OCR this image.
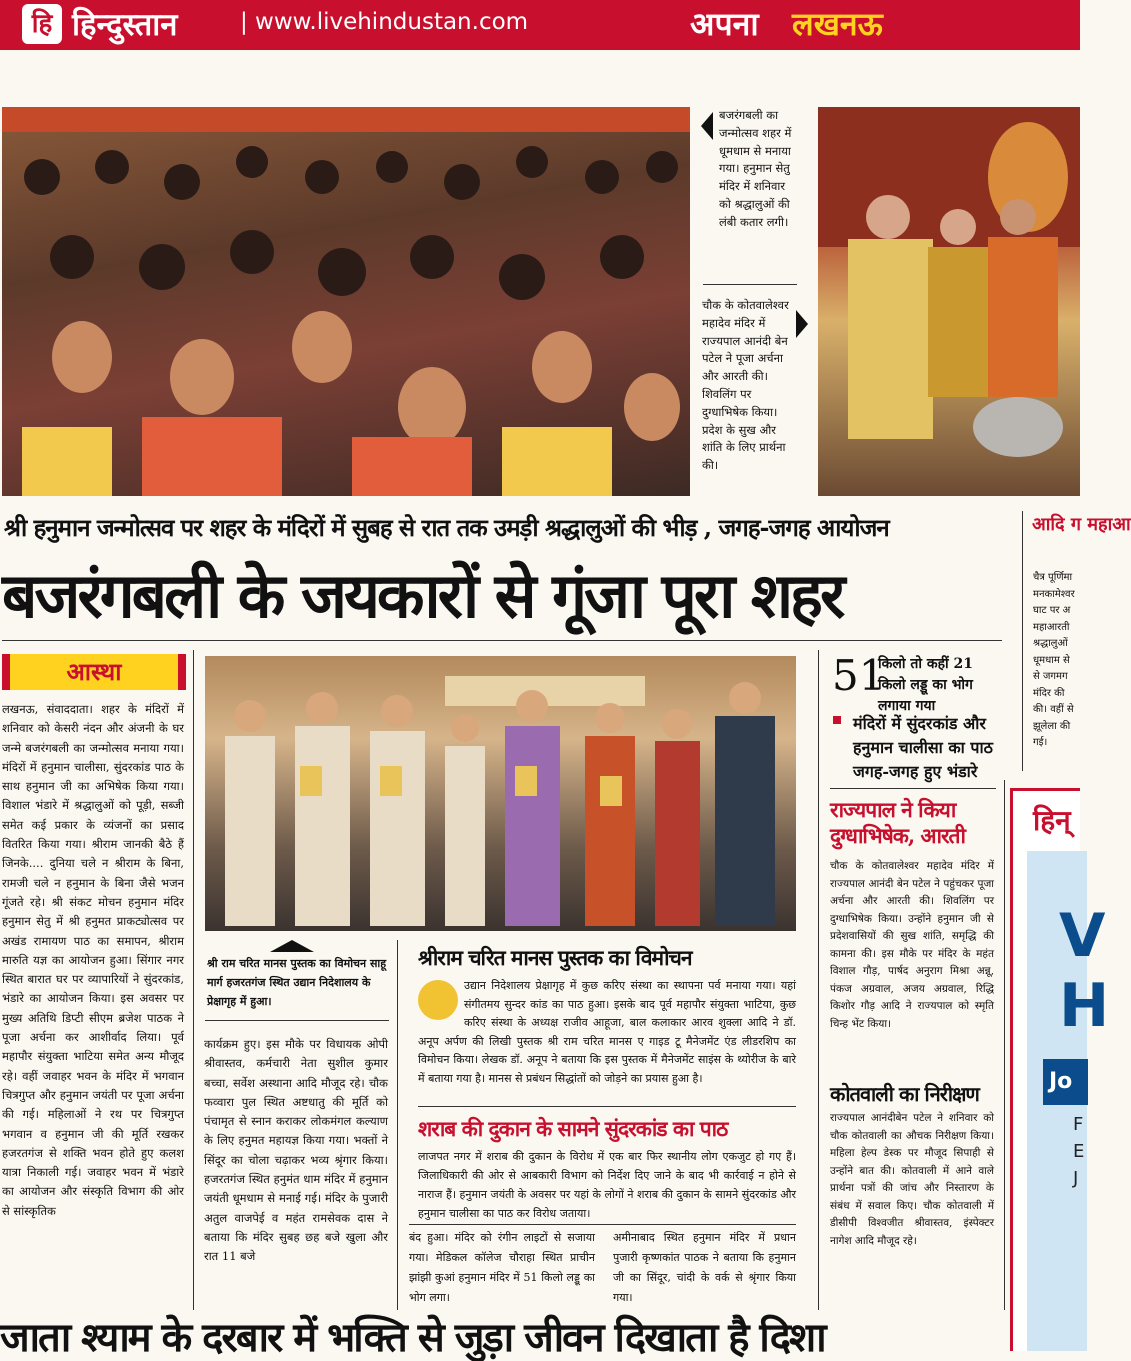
हि हिन्दुस्तान	| www.livehindustan.com	अपना लखनऊ
बजरंगबली का जन्मोत्सव शहर में धूमधाम से मनाया गया। हनुमान सेतु मंदिर में शनिवार को श्रद्धालुओं की लंबी कतार लगी।
चौक के कोतवालेश्वर महादेव मंदिर में राज्यपाल आनंदी बेन पटेल ने पूजा अर्चना और आरती की। शिवलिंग पर दुग्धाभिषेक किया। प्रदेश के सुख और शांति के लिए प्रार्थना की।
श्री हनुमान जन्मोत्सव पर शहर के मंदिरों में सुबह से रात तक उमड़ी श्रद्धालुओं की भीड़ , जगह-जगह आयोजन
बजरंगबली के जयकारों से गूंजा पूरा शहर
आस्था
लखनऊ, संवाददाता। शहर के मंदिरों में शनिवार को केसरी नंदन और अंजनी के घर जन्मे बजरंगबली का जन्मोत्सव मनाया गया। मंदिरों में हनुमान चालीसा, सुंदरकांड पाठ के साथ हनुमान जी का अभिषेक किया गया। विशाल भंडारे में श्रद्धालुओं को पूड़ी, सब्जी समेत कई प्रकार के व्यंजनों का प्रसाद वितरित किया गया। श्रीराम जानकी बैठे हैं जिनके.... दुनिया चले न श्रीराम के बिना, रामजी चले न हनुमान के बिना जैसे भजन गूंजते रहे। श्री संकट मोचन हनुमान मंदिर हनुमान सेतु में श्री हनुमत प्राकट्योत्सव पर अखंड रामायण पाठ का समापन, श्रीराम मारुति यज्ञ का आयोजन हुआ। सिंगार नगर स्थित बारात घर पर व्यापारियों ने सुंदरकांड, भंडारे का आयोजन किया। इस अवसर पर मुख्य अतिथि डिप्टी सीएम ब्रजेश पाठक ने पूजा अर्चना कर आशीर्वाद लिया। पूर्व महापौर संयुक्ता भाटिया समेत अन्य मौजूद रहे। वहीं जवाहर भवन के मंदिर में भगवान चित्रगुप्त और हनुमान जयंती पर पूजा अर्चना की गई। महिलाओं ने रथ पर चित्रगुप्त भगवान व हनुमान जी की मूर्ति रखकर हजरतगंज से शक्ति भवन होते हुए कलश यात्रा निकाली गई। जवाहर भवन में भंडारे का आयोजन और संस्कृति विभाग की ओर से सांस्कृतिक
श्री राम चरित मानस पुस्तक का विमोचन साहू मार्ग हजरतगंज स्थित उद्यान निदेशालय के प्रेक्षागृह में हुआ।
कार्यक्रम हुए। इस मौके पर विधायक ओपी श्रीवास्तव, कर्मचारी नेता सुशील कुमार बच्चा, सर्वेश अस्थाना आदि मौजूद रहे। चौक फव्वारा पुल स्थित अष्टधातु की मूर्ति को पंचामृत से स्नान कराकर लोकमंगल कल्याण के लिए हनुमत महायज्ञ किया गया। भक्तों ने सिंदूर का चोला चढ़ाकर भव्य श्रृंगार किया। हजरतगंज स्थित हनुमंत धाम मंदिर में हनुमान जयंती धूमधाम से मनाई गई। मंदिर के पुजारी अतुल वाजपेई व महंत रामसेवक दास ने बताया कि मंदिर सुबह छह बजे खुला और रात 11 बजे
श्रीराम चरित मानस पुस्तक का विमोचन
उद्यान निदेशालय प्रेक्षागृह में कुछ करिए संस्था का स्थापना पर्व मनाया गया। यहां संगीतमय सुन्दर कांड का पाठ हुआ। इसके बाद पूर्व महापौर संयुक्ता भाटिया, कुछ करिए संस्था के अध्यक्ष राजीव आहूजा, बाल कलाकार आरव शुक्ला आदि ने डॉ. अनूप अर्पण की लिखी पुस्तक श्री राम चरित मानस ए गाइड टू मैनेजमेंट एंड लीडरशिप का विमोचन किया। लेखक डॉ. अनूप ने बताया कि इस पुस्तक में मैनेजमेंट साइंस के थ्योरीज के बारे में बताया गया है। मानस से प्रबंधन सिद्धांतों को जोड़ने का प्रयास हुआ है।
शराब की दुकान के सामने सुंदरकांड का पाठ
लाजपत नगर में शराब की दुकान के विरोध में एक बार फिर स्थानीय लोग एकजुट हो गए हैं। जिलाधिकारी की ओर से आबकारी विभाग को निर्देश दिए जाने के बाद भी कार्रवाई न होने से नाराज हैं। हनुमान जयंती के अवसर पर यहां के लोगों ने शराब की दुकान के सामने सुंदरकांड और हनुमान चालीसा का पाठ कर विरोध जताया।
बंद हुआ। मंदिर को रंगीन लाइटों से सजाया गया। मेडिकल कॉलेज चौराहा स्थित प्राचीन झांझी कुआं हनुमान मंदिर में 51 किलो लड्डू का भोग लगा।
अमीनाबाद स्थित हनुमान मंदिर में प्रधान पुजारी कृष्णकांत पाठक ने बताया कि हनुमान जी का सिंदूर, चांदी के वर्क से श्रृंगार किया गया।
51
किलो तो कहीं 21 किलो लड्डू का भोग लगाया गया
मंदिरों में सुंदरकांड और हनुमान चालीसा का पाठ जगह-जगह हुए भंडारे
राज्यपाल ने किया दुग्धाभिषेक, आरती
चौक के कोतवालेश्वर महादेव मंदिर में राज्यपाल आनंदी बेन पटेल ने पहुंचकर पूजा अर्चना और आरती की। शिवलिंग पर दुग्धाभिषेक किया। उन्होंने हनुमान जी से प्रदेशवासियों की सुख शांति, समृद्धि की कामना की। इस मौके पर मंदिर के महंत विशाल गौड़, पार्षद अनुराग मिश्रा अन्नू, पंकज अग्रवाल, अजय अग्रवाल, रिद्धि किशोर गौड़ आदि ने राज्यपाल को स्मृति चिन्ह भेंट किया।
कोतवाली का निरीक्षण
राज्यपाल आनंदीबेन पटेल ने शनिवार को चौक कोतवाली का औचक निरीक्षण किया। महिला हेल्प डेस्क पर मौजूद सिपाही से उन्होंने बात की। कोतवाली में आने वाले प्रार्थना पत्रों की जांच और निस्तारण के संबंध में सवाल किए। चौक कोतवाली में डीसीपी विश्वजीत श्रीवास्तव, इंस्पेक्टर नागेश आदि मौजूद रहे।
आदि ग महाआ
चैत्र पूर्णिमा मनकामेश्वर घाट पर अ महाआरती श्रद्धालुओं धूमधाम से से जगमग मंदिर की की। वहीं से झूलेला की गई।
हिन्
V
H
Jo
F
E
J
जाता श्याम के दरबार में भक्ति से जुड़ा जीवन दिखाता है दिशा
